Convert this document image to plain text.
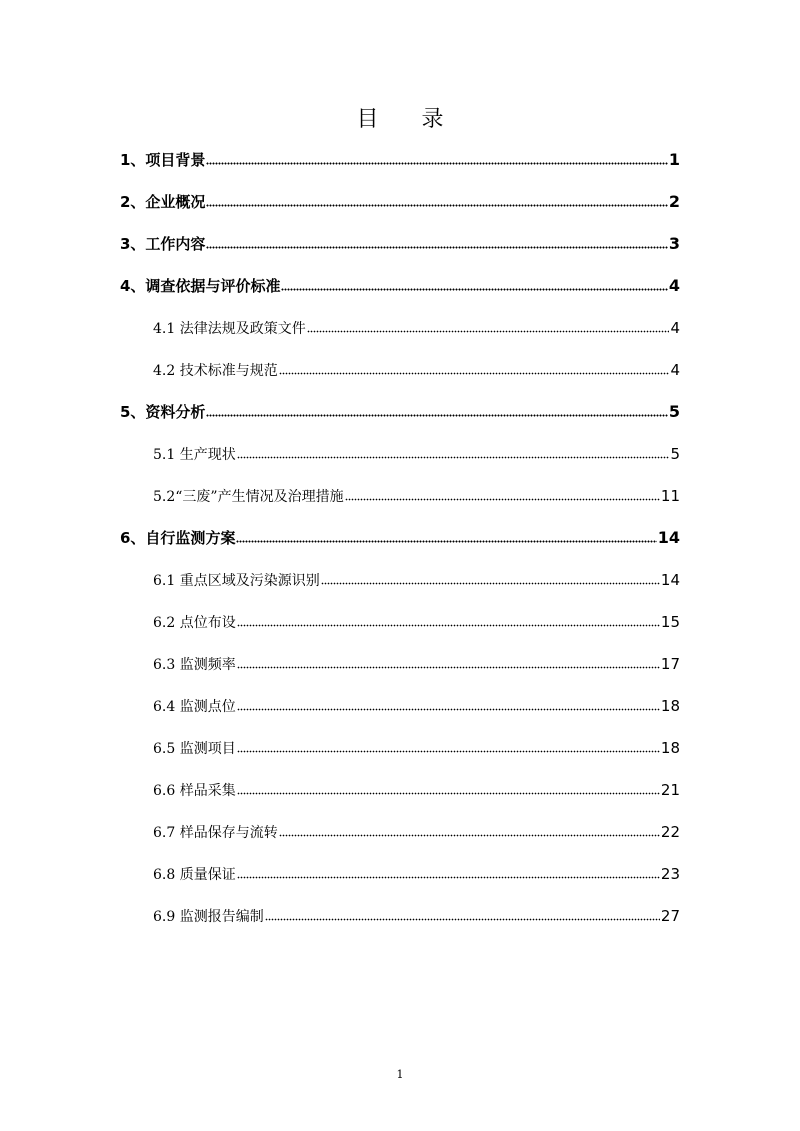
目 录
1、项目背景	1
2、企业概况	2
3、工作内容	3
4、调查依据与评价标准	4
4.1 法律法规及政策文件	4
4.2 技术标准与规范	4
5、资料分析	5
5.1 生产现状	5
5.2“三废”产生情况及治理措施	11
6、自行监测方案	14
6.1 重点区域及污染源识别	14
6.2 点位布设	15
6.3 监测频率	17
6.4 监测点位	18
6.5 监测项目	18
6.6 样品采集	21
6.7 样品保存与流转	22
6.8 质量保证	23
6.9 监测报告编制	27
1
